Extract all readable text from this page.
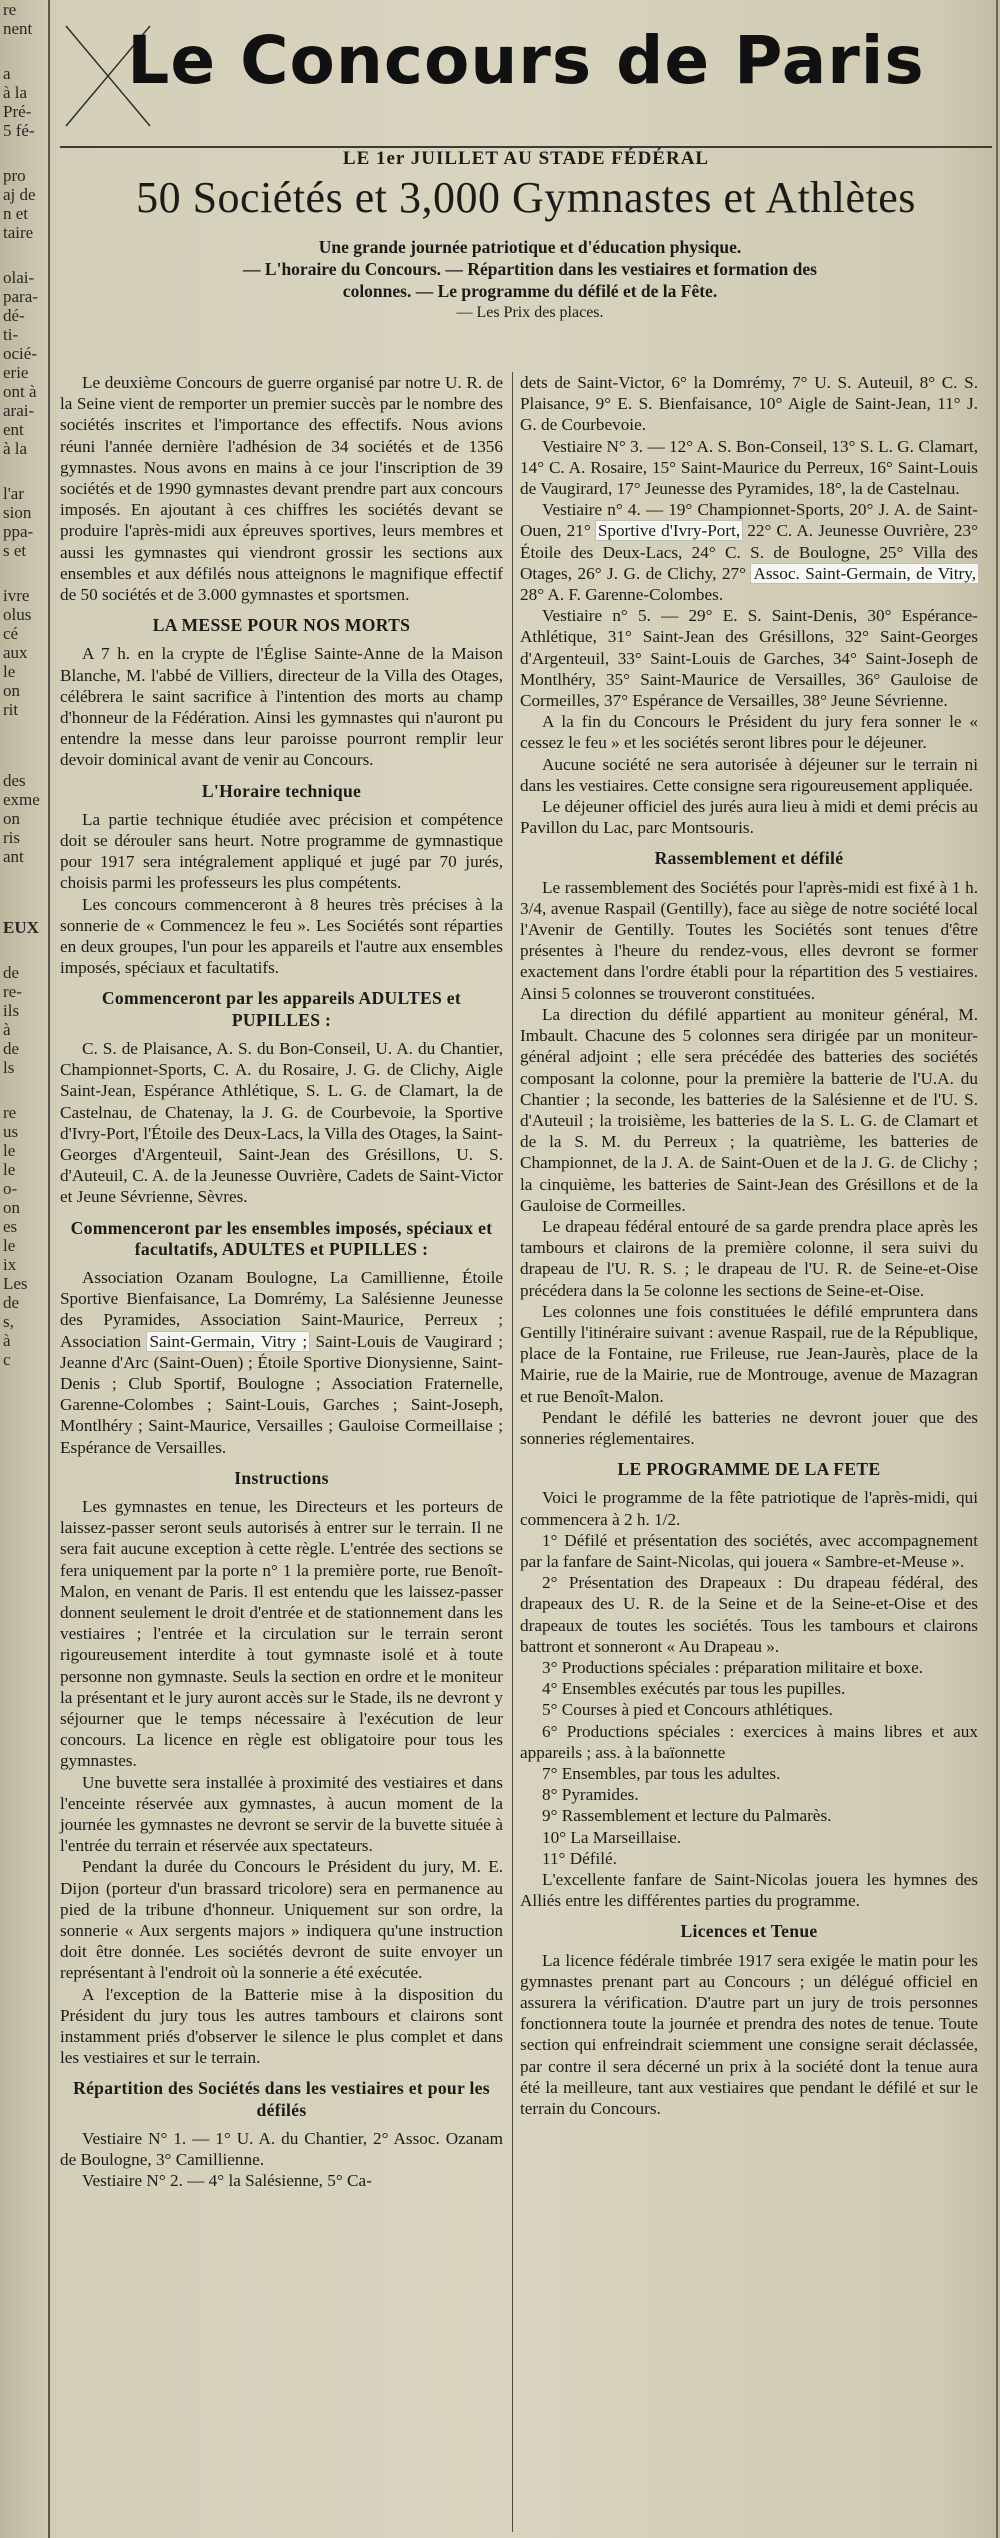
re
nent
a
à la
Pré-
5 fé-
pro
aj de
n et
taire
olai-
para-
dé-
ti-
ocié-
erie
ont à
arai-
ent
à la
l'ar
sion
ppa-
s et
ivre
olus
cé
aux
le
on
rit
des
exme
on
ris
ant
EUX
de
re-
ils
à
de
ls
re
us
le
le
o-
on
es
le
ix
Les
de
s,
à
c
Le Concours de Paris
LE 1er JUILLET AU STADE FÉDÉRAL
50 Sociétés et 3,000 Gymnastes et Athlètes
Une grande journée patriotique et d'éducation physique.
— L'horaire du Concours. — Répartition dans les vestiaires et formation des colonnes. — Le programme du défilé et de la Fête.
— Les Prix des places.

Le deuxième Concours de guerre organisé par notre U. R. de la Seine vient de remporter un premier succès par le nombre des sociétés inscrites et l'importance des effectifs. Nous avions réuni l'année dernière l'adhésion de 34 sociétés et de 1356 gymnastes. Nous avons en mains à ce jour l'inscription de 39 sociétés et de 1990 gymnastes devant prendre part aux concours imposés. En ajoutant à ces chiffres les sociétés devant se produire l'après-midi aux épreuves sportives, leurs membres et aussi les gymnastes qui viendront grossir les sections aux ensembles et aux défilés nous atteignons le magnifique effectif de 50 sociétés et de 3.000 gymnastes et sportsmen.

LA MESSE POUR NOS MORTS

A 7 h. en la crypte de l'Église Sainte-Anne de la Maison Blanche, M. l'abbé de Villiers, directeur de la Villa des Otages, célébrera le saint sacrifice à l'intention des morts au champ d'honneur de la Fédération. Ainsi les gymnastes qui n'auront pu entendre la messe dans leur paroisse pourront remplir leur devoir dominical avant de venir au Concours.

L'Horaire technique

La partie technique étudiée avec précision et compétence doit se dérouler sans heurt. Notre programme de gymnastique pour 1917 sera intégralement appliqué et jugé par 70 jurés, choisis parmi les professeurs les plus compétents.

Les concours commenceront à 8 heures très précises à la sonnerie de « Commencez le feu ». Les Sociétés sont réparties en deux groupes, l'un pour les appareils et l'autre aux ensembles imposés, spéciaux et facultatifs.

Commenceront par les appareils ADULTES et PUPILLES :

C. S. de Plaisance, A. S. du Bon-Conseil, U. A. du Chantier, Championnet-Sports, C. A. du Rosaire, J. G. de Clichy, Aigle Saint-Jean, Espérance Athlétique, S. L. G. de Clamart, la de Castelnau, de Chatenay, la J. G. de Courbevoie, la Sportive d'Ivry-Port, l'Étoile des Deux-Lacs, la Villa des Otages, la Saint-Georges d'Argenteuil, Saint-Jean des Grésillons, U. S. d'Auteuil, C. A. de la Jeunesse Ouvrière, Cadets de Saint-Victor et Jeune Sévrienne, Sèvres.

Commenceront par les ensembles imposés, spéciaux et facultatifs, ADULTES et PUPILLES :

Association Ozanam Boulogne, La Camillienne, Étoile Sportive Bienfaisance, La Domrémy, La Salésienne Jeunesse des Pyramides, Association Saint-Maurice, Perreux ; Association Saint-Germain, Vitry ; Saint-Louis de Vaugirard ; Jeanne d'Arc (Saint-Ouen) ; Étoile Sportive Dionysienne, Saint-Denis ; Club Sportif, Boulogne ; Association Fraternelle, Garenne-Colombes ; Saint-Louis, Garches ; Saint-Joseph, Montlhéry ; Saint-Maurice, Versailles ; Gauloise Cormeillaise ; Espérance de Versailles.

Instructions

Les gymnastes en tenue, les Directeurs et les porteurs de laissez-passer seront seuls autorisés à entrer sur le terrain. Il ne sera fait aucune exception à cette règle. L'entrée des sections se fera uniquement par la porte n° 1 la première porte, rue Benoît-Malon, en venant de Paris. Il est entendu que les laissez-passer donnent seulement le droit d'entrée et de stationnement dans les vestiaires ; l'entrée et la circulation sur le terrain seront rigoureusement interdite à tout gymnaste isolé et à toute personne non gymnaste. Seuls la section en ordre et le moniteur la présentant et le jury auront accès sur le Stade, ils ne devront y séjourner que le temps nécessaire à l'exécution de leur concours. La licence en règle est obligatoire pour tous les gymnastes.

Une buvette sera installée à proximité des vestiaires et dans l'enceinte réservée aux gymnastes, à aucun moment de la journée les gymnastes ne devront se servir de la buvette située à l'entrée du terrain et réservée aux spectateurs.

Pendant la durée du Concours le Président du jury, M. E. Dijon (porteur d'un brassard tricolore) sera en permanence au pied de la tribune d'honneur. Uniquement sur son ordre, la sonnerie « Aux sergents majors » indiquera qu'une instruction doit être donnée. Les sociétés devront de suite envoyer un représentant à l'endroit où la sonnerie a été exécutée.

A l'exception de la Batterie mise à la disposition du Président du jury tous les autres tambours et clairons sont instamment priés d'observer le silence le plus complet et dans les vestiaires et sur le terrain.

Répartition des Sociétés dans les vestiaires et pour les défilés

Vestiaire N° 1. — 1° U. A. du Chantier, 2° Assoc. Ozanam de Boulogne, 3° Camillienne.

Vestiaire N° 2. — 4° la Salésienne, 5° Ca-

dets de Saint-Victor, 6° la Domrémy, 7° U. S. Auteuil, 8° C. S. Plaisance, 9° E. S. Bienfaisance, 10° Aigle de Saint-Jean, 11° J. G. de Courbevoie.

Vestiaire N° 3. — 12° A. S. Bon-Conseil, 13° S. L. G. Clamart, 14° C. A. Rosaire, 15° Saint-Maurice du Perreux, 16° Saint-Louis de Vaugirard, 17° Jeunesse des Pyramides, 18°, la de Castelnau.

Vestiaire n° 4. — 19° Championnet-Sports, 20° J. A. de Saint-Ouen, 21° Sportive d'Ivry-Port, 22° C. A. Jeunesse Ouvrière, 23° Étoile des Deux-Lacs, 24° C. S. de Boulogne, 25° Villa des Otages, 26° J. G. de Clichy, 27° Assoc. Saint-Germain, de Vitry, 28° A. F. Garenne-Colombes.

Vestiaire n° 5. — 29° E. S. Saint-Denis, 30° Espérance-Athlétique, 31° Saint-Jean des Grésillons, 32° Saint-Georges d'Argenteuil, 33° Saint-Louis de Garches, 34° Saint-Joseph de Montlhéry, 35° Saint-Maurice de Versailles, 36° Gauloise de Cormeilles, 37° Espérance de Versailles, 38° Jeune Sévrienne.

A la fin du Concours le Président du jury fera sonner le « cessez le feu » et les sociétés seront libres pour le déjeuner.

Aucune société ne sera autorisée à déjeuner sur le terrain ni dans les vestiaires. Cette consigne sera rigoureusement appliquée.

Le déjeuner officiel des jurés aura lieu à midi et demi précis au Pavillon du Lac, parc Montsouris.

Rassemblement et défilé

Le rassemblement des Sociétés pour l'après-midi est fixé à 1 h. 3/4, avenue Raspail (Gentilly), face au siège de notre société local l'Avenir de Gentilly. Toutes les Sociétés sont tenues d'être présentes à l'heure du rendez-vous, elles devront se former exactement dans l'ordre établi pour la répartition des 5 vestiaires. Ainsi 5 colonnes se trouveront constituées.

La direction du défilé appartient au moniteur général, M. Imbault. Chacune des 5 colonnes sera dirigée par un moniteur-général adjoint ; elle sera précédée des batteries des sociétés composant la colonne, pour la première la batterie de l'U.A. du Chantier ; la seconde, les batteries de la Salésienne et de l'U. S. d'Auteuil ; la troisième, les batteries de la S. L. G. de Clamart et de la S. M. du Perreux ; la quatrième, les batteries de Championnet, de la J. A. de Saint-Ouen et de la J. G. de Clichy ; la cinquième, les batteries de Saint-Jean des Grésillons et de la Gauloise de Cormeilles.

Le drapeau fédéral entouré de sa garde prendra place après les tambours et clairons de la première colonne, il sera suivi du drapeau de l'U. R. S. ; le drapeau de l'U. R. de Seine-et-Oise précédera dans la 5e colonne les sections de Seine-et-Oise.

Les colonnes une fois constituées le défilé empruntera dans Gentilly l'itinéraire suivant : avenue Raspail, rue de la République, place de la Fontaine, rue Frileuse, rue Jean-Jaurès, place de la Mairie, rue de la Mairie, rue de Montrouge, avenue de Mazagran et rue Benoît-Malon.

Pendant le défilé les batteries ne devront jouer que des sonneries réglementaires.

LE PROGRAMME DE LA FETE

Voici le programme de la fête patriotique de l'après-midi, qui commencera à 2 h. 1/2.

1° Défilé et présentation des sociétés, avec accompagnement par la fanfare de Saint-Nicolas, qui jouera « Sambre-et-Meuse ».

2° Présentation des Drapeaux : Du drapeau fédéral, des drapeaux des U. R. de la Seine et de la Seine-et-Oise et des drapeaux de toutes les sociétés. Tous les tambours et clairons battront et sonneront « Au Drapeau ».

3° Productions spéciales : préparation militaire et boxe.

4° Ensembles exécutés par tous les pupilles.

5° Courses à pied et Concours athlétiques.

6° Productions spéciales : exercices à mains libres et aux appareils ; ass. à la baïonnette

7° Ensembles, par tous les adultes.

8° Pyramides.

9° Rassemblement et lecture du Palmarès.

10° La Marseillaise.

11° Défilé.

L'excellente fanfare de Saint-Nicolas jouera les hymnes des Alliés entre les différentes parties du programme.

Licences et Tenue

La licence fédérale timbrée 1917 sera exigée le matin pour les gymnastes prenant part au Concours ; un délégué officiel en assurera la vérification. D'autre part un jury de trois personnes fonctionnera toute la journée et prendra des notes de tenue. Toute section qui enfreindrait sciemment une consigne serait déclassée, par contre il sera décerné un prix à la société dont la tenue aura été la meilleure, tant aux vestiaires que pendant le défilé et sur le terrain du Concours.
